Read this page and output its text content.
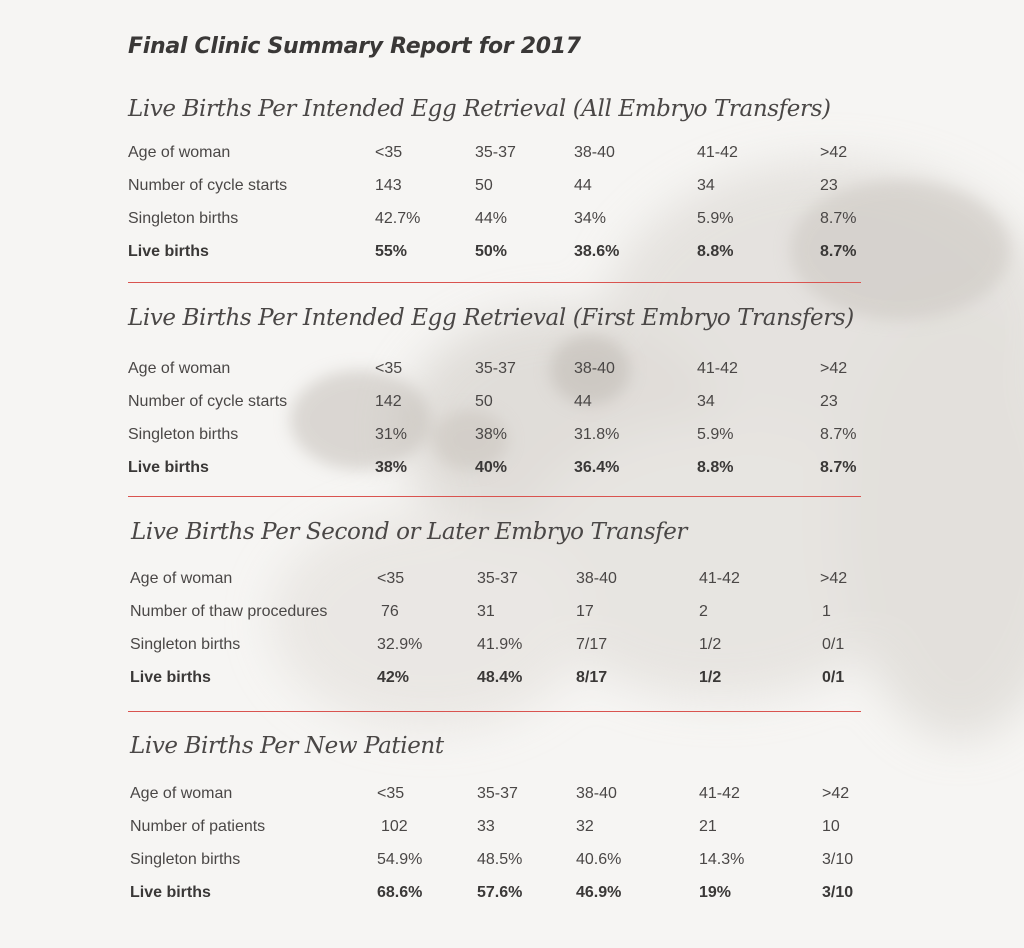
Final Clinic Summary Report for 2017
Live Births Per Intended Egg Retrieval (All Embryo Transfers)
Age of woman	<35	35-37	38-40	41-42	>42
Number of cycle starts	143	50	44	34	23
Singleton births	42.7%	44%	34%	5.9%	8.7%
Live births	55%	50%	38.6%	8.8%	8.7%
Live Births Per Intended Egg Retrieval (First Embryo Transfers)
Age of woman	<35	35-37	38-40	41-42	>42
Number of cycle starts	142	50	44	34	23
Singleton births	31%	38%	31.8%	5.9%	8.7%
Live births	38%	40%	36.4%	8.8%	8.7%
Live Births Per Second or Later Embryo Transfer
Age of woman	<35	35-37	38-40	41-42	>42
Number of thaw procedures	76	31	17	2	1
Singleton births	32.9%	41.9%	7/17	1/2	0/1
Live births	42%	48.4%	8/17	1/2	0/1
Live Births Per New Patient
Age of woman	<35	35-37	38-40	41-42	>42
Number of patients	102	33	32	21	10
Singleton births	54.9%	48.5%	40.6%	14.3%	3/10
Live births	68.6%	57.6%	46.9%	19%	3/10
